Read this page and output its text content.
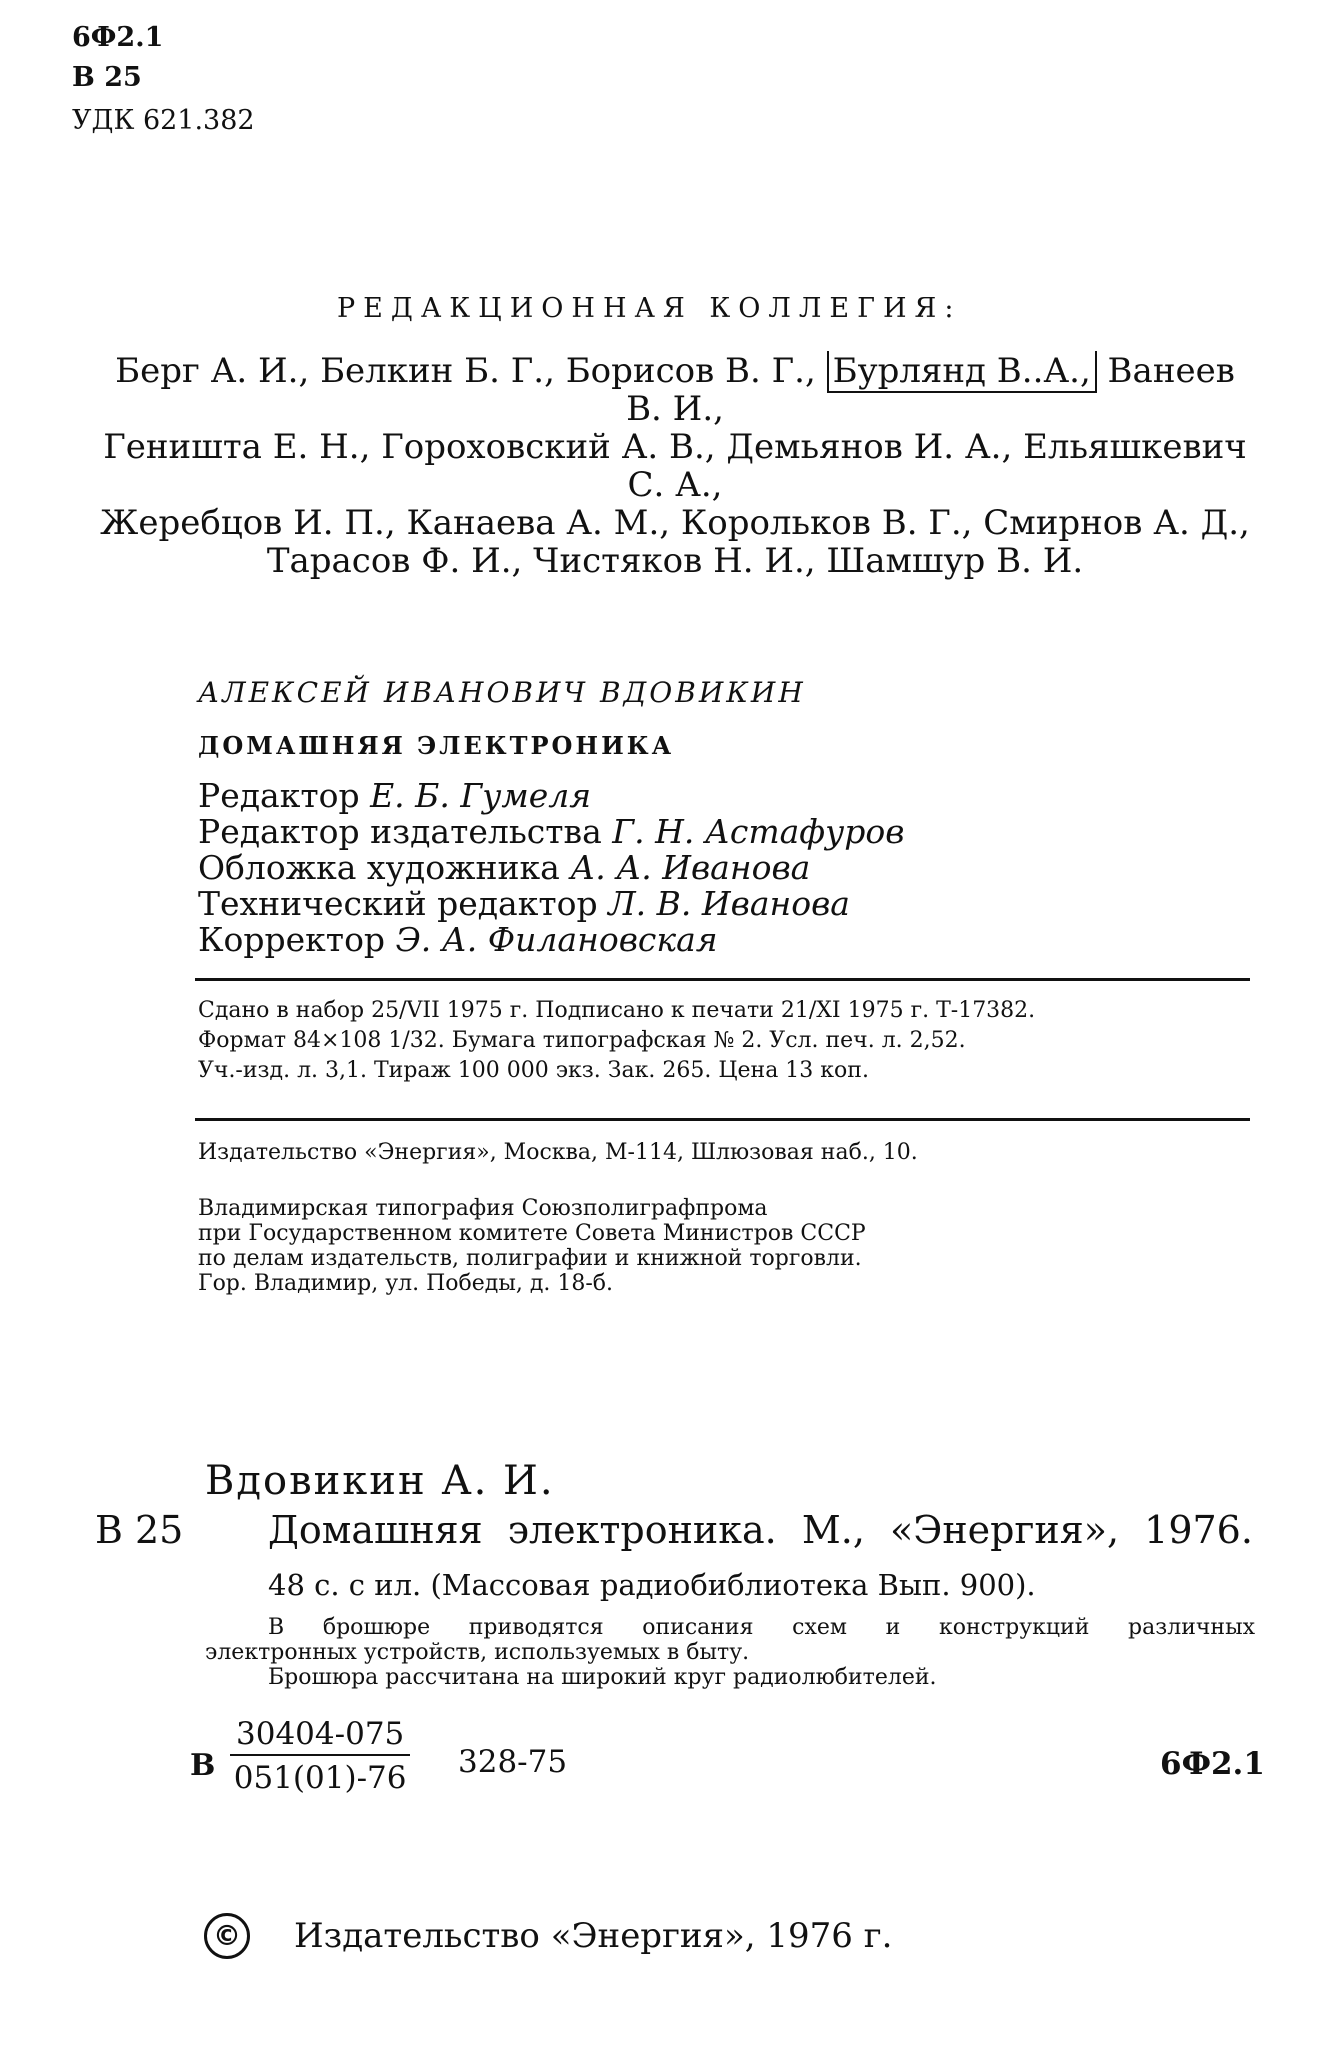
6Ф2.1
В 25
УДК 621.382
РЕДАКЦИОННАЯ КОЛЛЕГИЯ:
Берг А. И., Белкин Б. Г., Борисов В. Г., Бурлянд В..А., Ванеев В. И.,
Геништа Е. Н., Гороховский А. В., Демьянов И. А., Ельяшкевич С. А.,
Жеребцов И. П., Канаева А. М., Корольков В. Г., Смирнов А. Д.,
Тарасов Ф. И., Чистяков Н. И., Шамшур В. И.
АЛЕКСЕЙ ИВАНОВИЧ ВДОВИКИН
ДОМАШНЯЯ ЭЛЕКТРОНИКА
Редактор Е. Б. Гумеля
Редактор издательства Г. Н. Астафуров
Обложка художника А. А. Иванова
Технический редактор Л. В. Иванова
Корректор Э. А. Филановская
Сдано в набор 25/VII 1975 г. Подписано к печати 21/XI 1975 г. Т-17382.
Формат 84×108 1/32. Бумага типографская № 2. Усл. печ. л. 2,52.
Уч.-изд. л. 3,1. Тираж 100 000 экз. Зак. 265. Цена 13 коп.
Издательство «Энергия», Москва, М-114, Шлюзовая наб., 10.
Владимирская типография Союзполиграфпрома
при Государственном комитете Совета Министров СССР
по делам издательств, полиграфии и книжной торговли.
Гор. Владимир, ул. Победы, д. 18-б.
Вдовикин А. И.
В 25 Домашняя электроника. М., «Энергия», 1976.
48 с. с ил. (Массовая радиобиблиотека Вып. 900).

В брошюре приводятся описания схем и конструкций различных

электронных устройств, используемых в быту.

Брошюра рассчитана на широкий круг радиолюбителей.

В $\frac{30404-075}{051(01)-76} 328-75$	6Ф2.1
© Издательство «Энергия», 1976 г.
